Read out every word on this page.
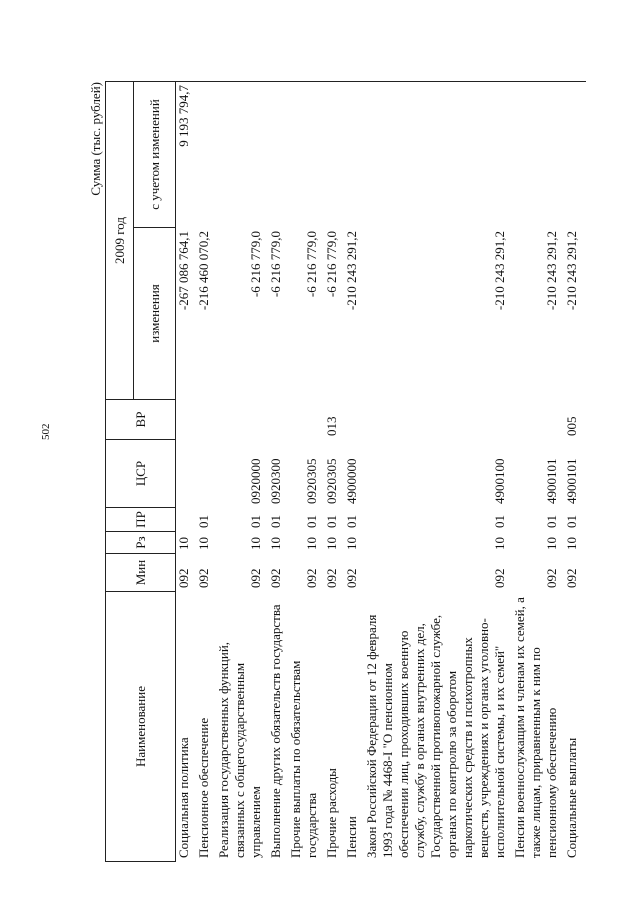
502
Сумма (тыс. рублей)
Наименование	Мин	Рз	ПР	ЦСР	ВР	2009 год	
						изменения	с учетом изменений
Социальная политика	092	10				-267 086 764,1	9 193 794,7
Пенсионное обеспечение	092	10	01			-216 460 070,2	
Реализация государственных функций, связанных с общегосударственным управлением	092	10	01	0920000		-6 216 779,0	
Выполнение других обязательств государства	092	10	01	0920300		-6 216 779,0	
Прочие выплаты по обязательствам государства	092	10	01	0920305		-6 216 779,0	
Прочие расходы	092	10	01	0920305	013	-6 216 779,0	
Пенсии	092	10	01	4900000		-210 243 291,2	
Закон Российской Федерации от 12 февраля 1993 года № 4468-I "О пенсионном обеспечении лиц, проходивших военную службу, службу в органах внутренних дел, Государственной противопожарной службе, органах по контролю за оборотом наркотических средств и психотропных веществ, учреждениях и органах уголовно-исполнительной системы, и их семей"	092	10	01	4900100		-210 243 291,2	
Пенсии военнослужащим и членам их семей, а также лицам, приравненным к ним по пенсионному обеспечению	092	10	01	4900101		-210 243 291,2	
Социальные выплаты	092	10	01	4900101	005	-210 243 291,2	
